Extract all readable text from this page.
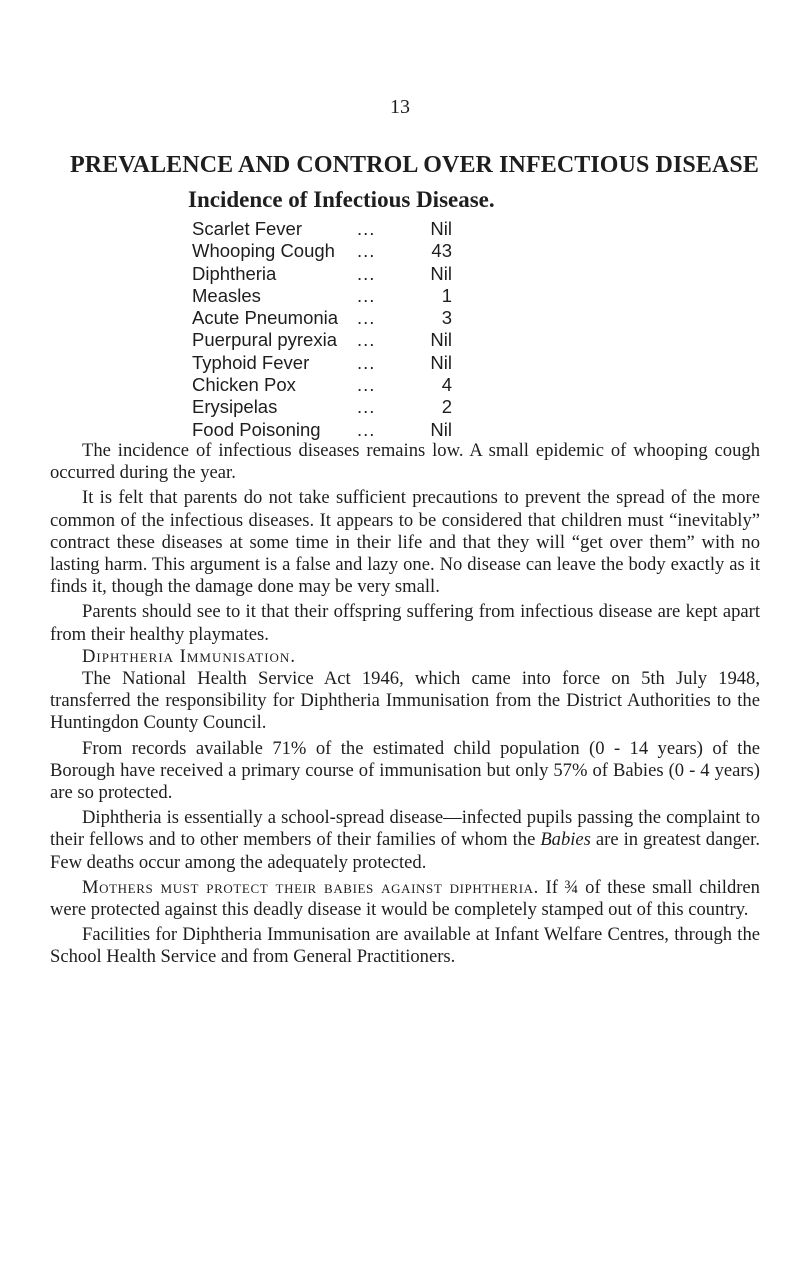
13
PREVALENCE AND CONTROL OVER INFECTIOUS DISEASE
Incidence of Infectious Disease.
Scarlet Fever	...	Nil
Whooping Cough ...	43
Diphtheria	...	Nil
Measles	...	1
Acute Pneumonia ...	3
Puerpural pyrexia ...	Nil
Typhoid Fever	...	Nil
Chicken Pox	...	4
Erysipelas	...	2
Food Poisoning ...	Nil

The incidence of infectious diseases remains low. A small epidemic of whooping cough occurred during the year.

It is felt that parents do not take sufficient precautions to prevent the spread of the more common of the infectious diseases. It appears to be considered that children must “inevitably” contract these diseases at some time in their life and that they will “get over them” with no lasting harm. This argument is a false and lazy one. No disease can leave the body exactly as it finds it, though the damage done may be very small.

Parents should see to it that their offspring suffering from infectious disease are kept apart from their healthy playmates.

Diphtheria Immunisation.

The National Health Service Act 1946, which came into force on 5th July 1948, transferred the responsibility for Diphtheria Immunisation from the District Authorities to the Huntingdon County Council.

From records available 71% of the estimated child population (0 - 14 years) of the Borough have received a primary course of immunisation but only 57% of Babies (0 - 4 years) are so protected.

Diphtheria is essentially a school-spread disease—infected pupils passing the complaint to their fellows and to other members of their families of whom the Babies are in greatest danger. Few deaths occur among the adequately protected.

Mothers must protect their babies against diphtheria. If ¾ of these small children were protected against this deadly disease it would be completely stamped out of this country.

Facilities for Diphtheria Immunisation are available at Infant Welfare Centres, through the School Health Service and from General Practitioners.
